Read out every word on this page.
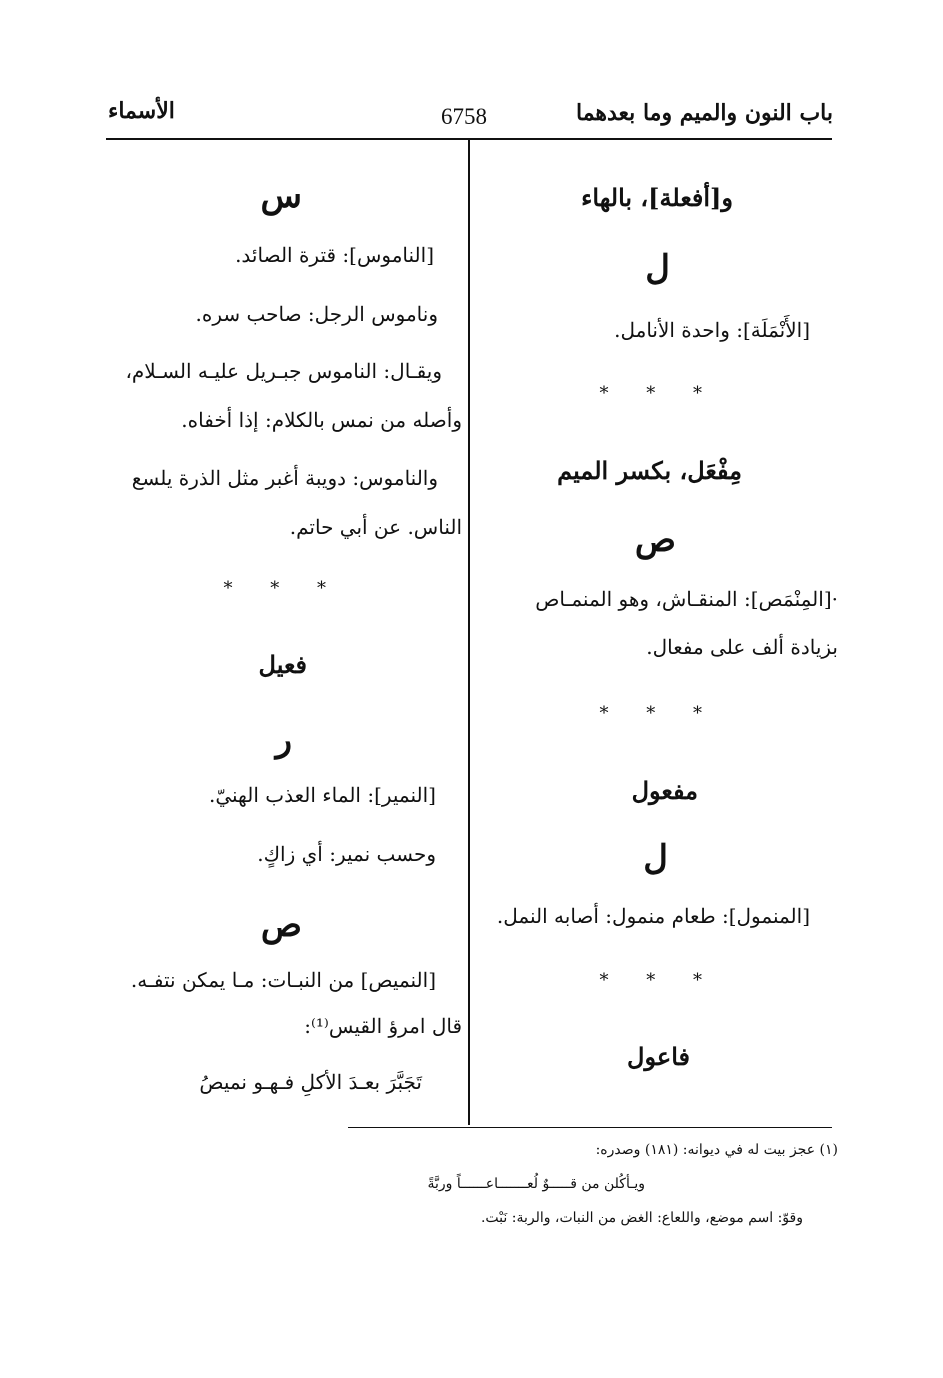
باب النون والميم وما بعدهما
6758
الأسماء
و[أفعلة]، بالهاء
ل
[الأَنْمَلَة]: واحدة الأنامل.
* * *
مِفْعَل، بكسر الميم
ص
·[المِنْمَص]: المنقـاش، وهو المنمـاص
بزيادة ألف على مفعال.
* * *
مفعول
ل
[المنمول]: طعام منمول: أصابه النمل.
* * *
فاعول
س
[الناموس]: قترة الصائد.
وناموس الرجل: صاحب سره.
ويقـال: الناموس جبـريل عليـه السـلام،
وأصله من نمس بالكلام: إذا أخفاه.
والناموس: دويبة أغبر مثل الذرة يلسع
الناس. عن أبي حاتم.
* * *
فعيل
ر
[النمير]: الماء العذب الهنيّ.
وحسب نمير: أي زاكٍ.
ص
[النميص] من النبـات: مـا يمكن نتفـه.
قال امرؤ القيس⁽¹⁾:
تَجَبَّرَ بعـدَ الأكلِ فـهـو نميصُ
(١) عجز بيت له في ديوانه: (١٨١) وصدره:
ويـأكُلن من قـــــوٌ لُعـــــــاعــــــاً وربَّةً
وقوّ: اسم موضع، واللعاع: الغض من النبات، والربة: نَبْت.
